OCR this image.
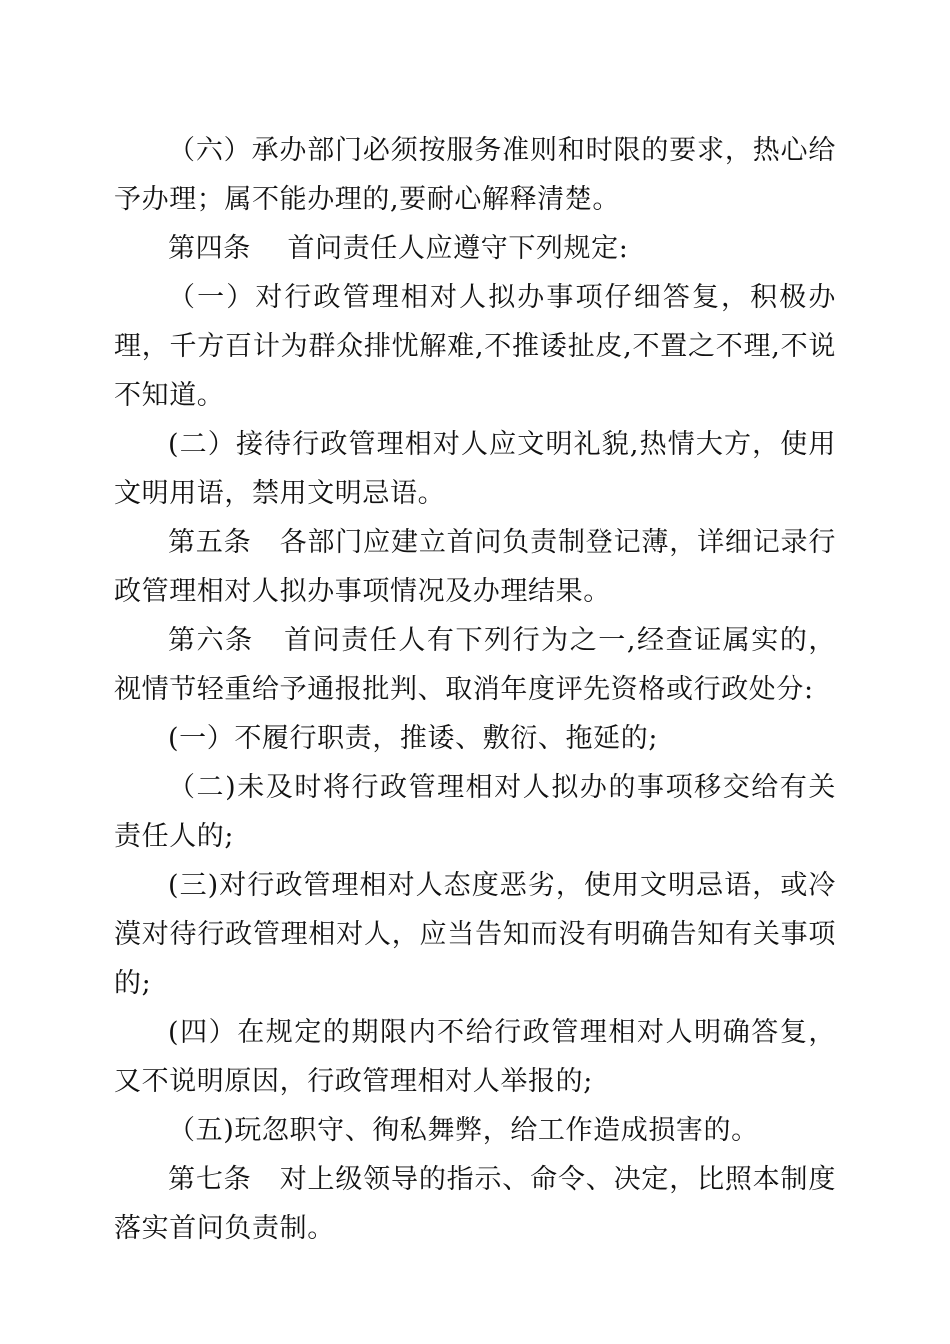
（六）承办部门必须按服务准则和时限的要求，热心给予办理；属不能办理的,要耐心解释清楚。

第四条    首问责任人应遵守下列规定:

（一）对行政管理相对人拟办事项仔细答复，积极办理，千方百计为群众排忧解难,不推诿扯皮,不置之不理,不说不知道。

(二）接待行政管理相对人应文明礼貌,热情大方，使用文明用语，禁用文明忌语。

第五条   各部门应建立首问负责制登记薄，详细记录行政管理相对人拟办事项情况及办理结果。

第六条   首问责任人有下列行为之一,经查证属实的，视情节轻重给予通报批判、取消年度评先资格或行政处分:

(一）不履行职责，推诿、敷衍、拖延的;

（二)未及时将行政管理相对人拟办的事项移交给有关责任人的;

(三)对行政管理相对人态度恶劣，使用文明忌语，或冷漠对待行政管理相对人，应当告知而没有明确告知有关事项的;

(四）在规定的期限内不给行政管理相对人明确答复，又不说明原因，行政管理相对人举报的;

（五)玩忽职守、徇私舞弊，给工作造成损害的。

第七条   对上级领导的指示、命令、决定，比照本制度落实首问负责制。
